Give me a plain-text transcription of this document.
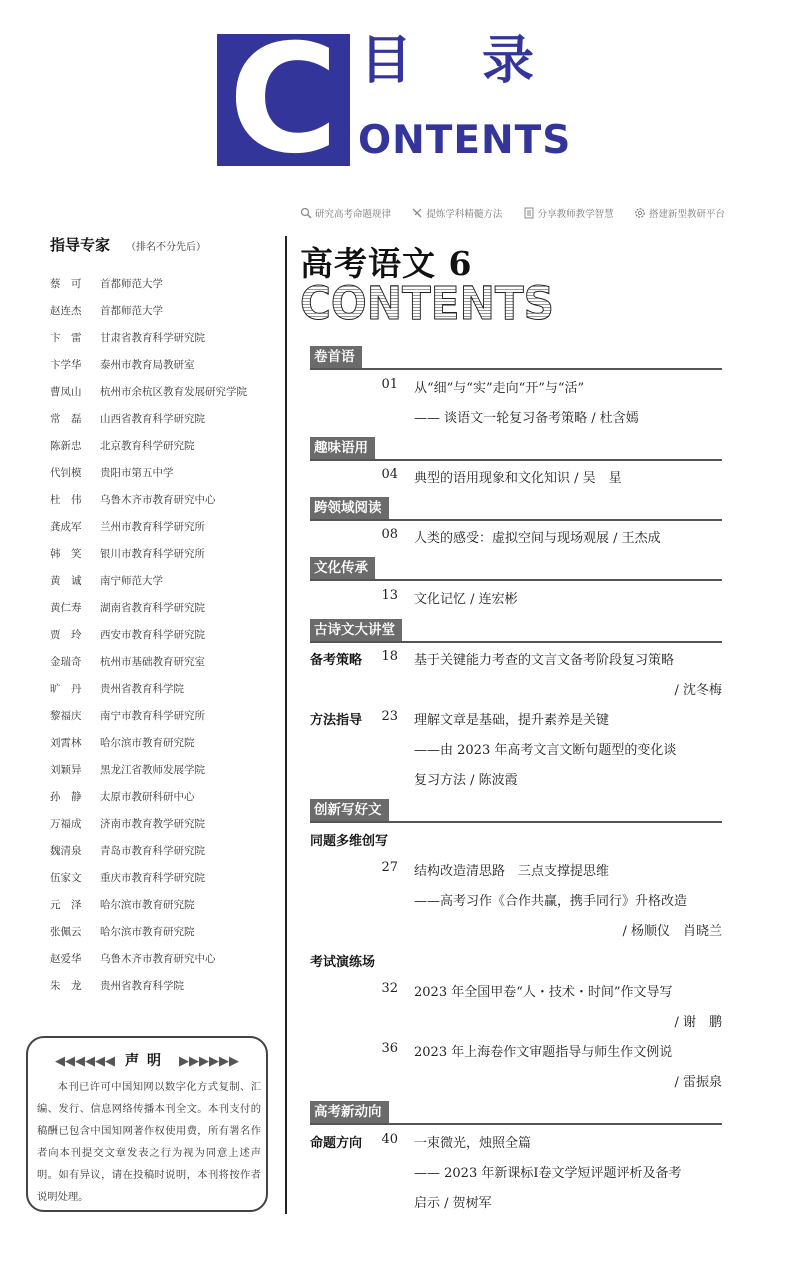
C 目录
ONTENTS
研究高考命题规律	提炼学科精髓方法	分享教师教学智慧	搭建新型教研平台
指导专家 （排名不分先后）
蔡　可	首都师范大学
赵连杰	首都师范大学
卞　雷	甘肃省教育科学研究院
卞学华	泰州市教育局教研室
曹凤山	杭州市余杭区教育发展研究学院
常　磊	山西省教育科学研究院
陈新忠	北京教育科学研究院
代钊模	贵阳市第五中学
杜　伟	乌鲁木齐市教育研究中心
龚成军	兰州市教育科学研究所
韩　笑	银川市教育科学研究所
黄　诚	南宁师范大学
黄仁寿	湖南省教育科学研究院
贾　玲	西安市教育科学研究院
金瑞奇	杭州市基础教育研究室
旷　丹	贵州省教育科学院
黎福庆	南宁市教育科学研究所
刘霄林	哈尔滨市教育研究院
刘颖异	黑龙江省教师发展学院
孙　静	太原市教研科研中心
万福成	济南市教育教学研究院
魏清泉	青岛市教育科学研究院
伍家文	重庆市教育科学研究院
元　泽	哈尔滨市教育研究院
张佩云	哈尔滨市教育研究院
赵爱华	乌鲁木齐市教育研究中心
朱　龙	贵州省教育科学院
◀◀◀◀◀◀ 声明 ▶▶▶▶▶▶
本刊已许可中国知网以数字化方式复制、汇编、发行、信息网络传播本刊全文。本刊支付的稿酬已包含中国知网著作权使用费，所有署名作者向本刊提交文章发表之行为视为同意上述声明。如有异议，请在投稿时说明，本刊将按作者说明处理。
高考语文 6
CONTENTS
卷首语
01 从“细”与“实”走向“开”与“活”
—— 谈语文一轮复习备考策略 / 杜含嫣
趣味语用
04 典型的语用现象和文化知识 / 吴　星
跨领域阅读
08 人类的感受：虚拟空间与现场观展 / 王杰成
文化传承
13 文化记忆 / 连宏彬
古诗文大讲堂
备考策略	18 基于关键能力考查的文言文备考阶段复习策略
/ 沈冬梅
方法指导	23 理解文章是基础，提升素养是关键
——由 2023 年高考文言文断句题型的变化谈
复习方法 / 陈波霞
创新写好文
同题多维创写
27 结构改造清思路　三点支撑提思维
——高考习作《合作共赢，携手同行》升格改造
/ 杨顺仪　肖晓兰
考试演练场
32 2023 年全国甲卷“人・技术・时间”作文导写
/ 谢　鹏
36 2023 年上海卷作文审题指导与师生作文例说
/ 雷振泉
高考新动向
命题方向	40 一束微光，烛照全篇
—— 2023 年新课标Ⅰ卷文学短评题评析及备考
启示 / 贺树军
